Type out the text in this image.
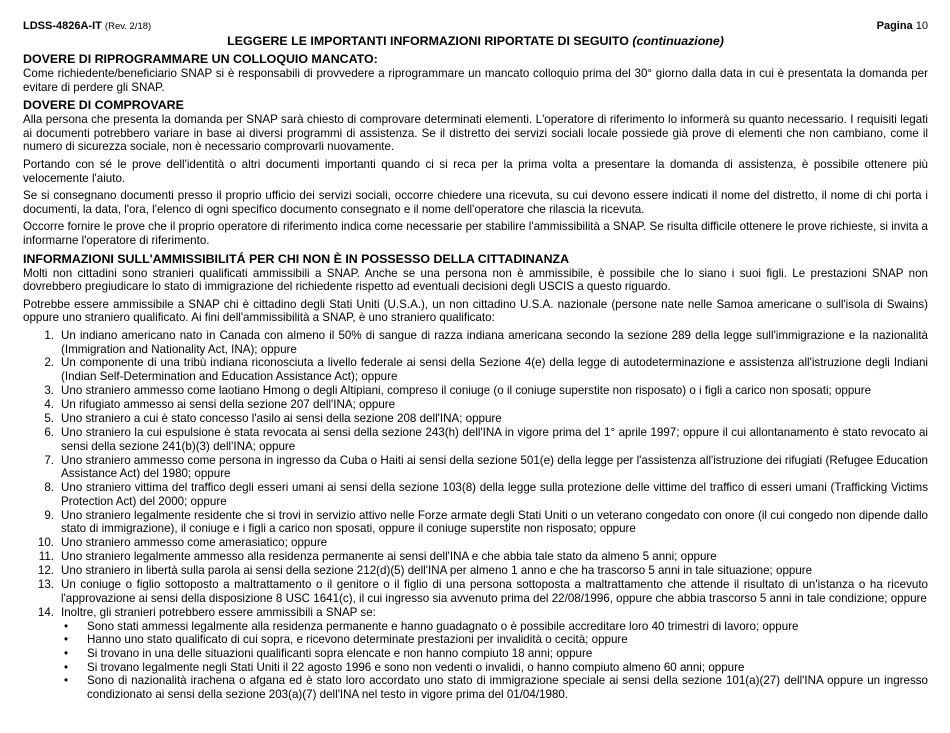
LDSS-4826A-IT (Rev. 2/18)	Pagina 10
LEGGERE LE IMPORTANTI INFORMAZIONI RIPORTATE DI SEGUITO (continuazione)
DOVERE DI RIPROGRAMMARE UN COLLOQUIO MANCATO:

Come richiedente/beneficiario SNAP si è responsabili di provvedere a riprogrammare un mancato colloquio prima del 30° giorno dalla data in cui è presentata la domanda per evitare di perdere gli SNAP.

DOVERE DI COMPROVARE

Alla persona che presenta la domanda per SNAP sarà chiesto di comprovare determinati elementi. L'operatore di riferimento lo informerà su quanto necessario. I requisiti legati ai documenti potrebbero variare in base ai diversi programmi di assistenza. Se il distretto dei servizi sociali locale possiede già prove di elementi che non cambiano, come il numero di sicurezza sociale, non è necessario comprovarli nuovamente.

Portando con sé le prove dell'identità o altri documenti importanti quando ci si reca per la prima volta a presentare la domanda di assistenza, è possibile ottenere più velocemente l'aiuto.

Se si consegnano documenti presso il proprio ufficio dei servizi sociali, occorre chiedere una ricevuta, su cui devono essere indicati il nome del distretto, il nome di chi porta i documenti, la data, l'ora, l'elenco di ogni specifico documento consegnato e il nome dell'operatore che rilascia la ricevuta.

Occorre fornire le prove che il proprio operatore di riferimento indica come necessarie per stabilire l'ammissibilità a SNAP. Se risulta difficile ottenere le prove richieste, si invita a informarne l'operatore di riferimento.

INFORMAZIONI SULL'AMMISSIBILITÁ PER CHI NON È IN POSSESSO DELLA CITTADINANZA

Molti non cittadini sono stranieri qualificati ammissibili a SNAP. Anche se una persona non è ammissibile, è possibile che lo siano i suoi figli. Le prestazioni SNAP non dovrebbero pregiudicare lo stato di immigrazione del richiedente rispetto ad eventuali decisioni degli USCIS a questo riguardo.

Potrebbe essere ammissibile a SNAP chi è cittadino degli Stati Uniti (U.S.A.), un non cittadino U.S.A. nazionale (persone nate nelle Samoa americane o sull'isola di Swains) oppure uno straniero qualificato. Ai fini dell'ammissibilità a SNAP, è uno straniero qualificato:

1. Un indiano americano nato in Canada con almeno il 50% di sangue di razza indiana americana secondo la sezione 289 della legge sull'immigrazione e la nazionalità (Immigration and Nationality Act, INA); oppure
2. Un componente di una tribù indiana riconosciuta a livello federale ai sensi della Sezione 4(e) della legge di autodeterminazione e assistenza all'istruzione degli Indiani (Indian Self-Determination and Education Assistance Act); oppure
3. Uno straniero ammesso come laotiano Hmong o degli Altipiani, compreso il coniuge (o il coniuge superstite non risposato) o i figli a carico non sposati; oppure
4. Un rifugiato ammesso ai sensi della sezione 207 dell'INA; oppure
5. Uno straniero a cui è stato concesso l'asilo ai sensi della sezione 208 dell'INA; oppure
6. Uno straniero la cui espulsione è stata revocata ai sensi della sezione 243(h) dell'INA in vigore prima del 1° aprile 1997; oppure il cui allontanamento è stato revocato ai sensi della sezione 241(b)(3) dell'INA; oppure
7. Uno straniero ammesso come persona in ingresso da Cuba o Haiti ai sensi della sezione 501(e) della legge per l'assistenza all'istruzione dei rifugiati (Refugee Education Assistance Act) del 1980; oppure
8. Uno straniero vittima del traffico degli esseri umani ai sensi della sezione 103(8) della legge sulla protezione delle vittime del traffico di esseri umani (Trafficking Victims Protection Act) del 2000; oppure
9. Uno straniero legalmente residente che si trovi in servizio attivo nelle Forze armate degli Stati Uniti o un veterano congedato con onore (il cui congedo non dipende dallo stato di immigrazione), il coniuge e i figli a carico non sposati, oppure il coniuge superstite non risposato; oppure
10. Uno straniero ammesso come amerasiatico; oppure
11. Uno straniero legalmente ammesso alla residenza permanente ai sensi dell'INA e che abbia tale stato da almeno 5 anni; oppure
12. Uno straniero in libertà sulla parola ai sensi della sezione 212(d)(5) dell'INA per almeno 1 anno e che ha trascorso 5 anni in tale situazione; oppure
13. Un coniuge o figlio sottoposto a maltrattamento o il genitore o il figlio di una persona sottoposta a maltrattamento che attende il risultato di un'istanza o ha ricevuto l'approvazione ai sensi della disposizione 8 USC 1641(c), il cui ingresso sia avvenuto prima del 22/08/1996, oppure che abbia trascorso 5 anni in tale condizione; oppure
14. Inoltre, gli stranieri potrebbero essere ammissibili a SNAP se:
• Sono stati ammessi legalmente alla residenza permanente e hanno guadagnato o è possibile accreditare loro 40 trimestri di lavoro; oppure
• Hanno uno stato qualificato di cui sopra, e ricevono determinate prestazioni per invalidità o cecità; oppure
• Si trovano in una delle situazioni qualificanti sopra elencate e non hanno compiuto 18 anni; oppure
• Si trovano legalmente negli Stati Uniti il 22 agosto 1996 e sono non vedenti o invalidi, o hanno compiuto almeno 60 anni; oppure
• Sono di nazionalità irachena o afgana ed è stato loro accordato uno stato di immigrazione speciale ai sensi della sezione 101(a)(27) dell'INA oppure un ingresso condizionato ai sensi della sezione 203(a)(7) dell'INA nel testo in vigore prima del 01/04/1980.
